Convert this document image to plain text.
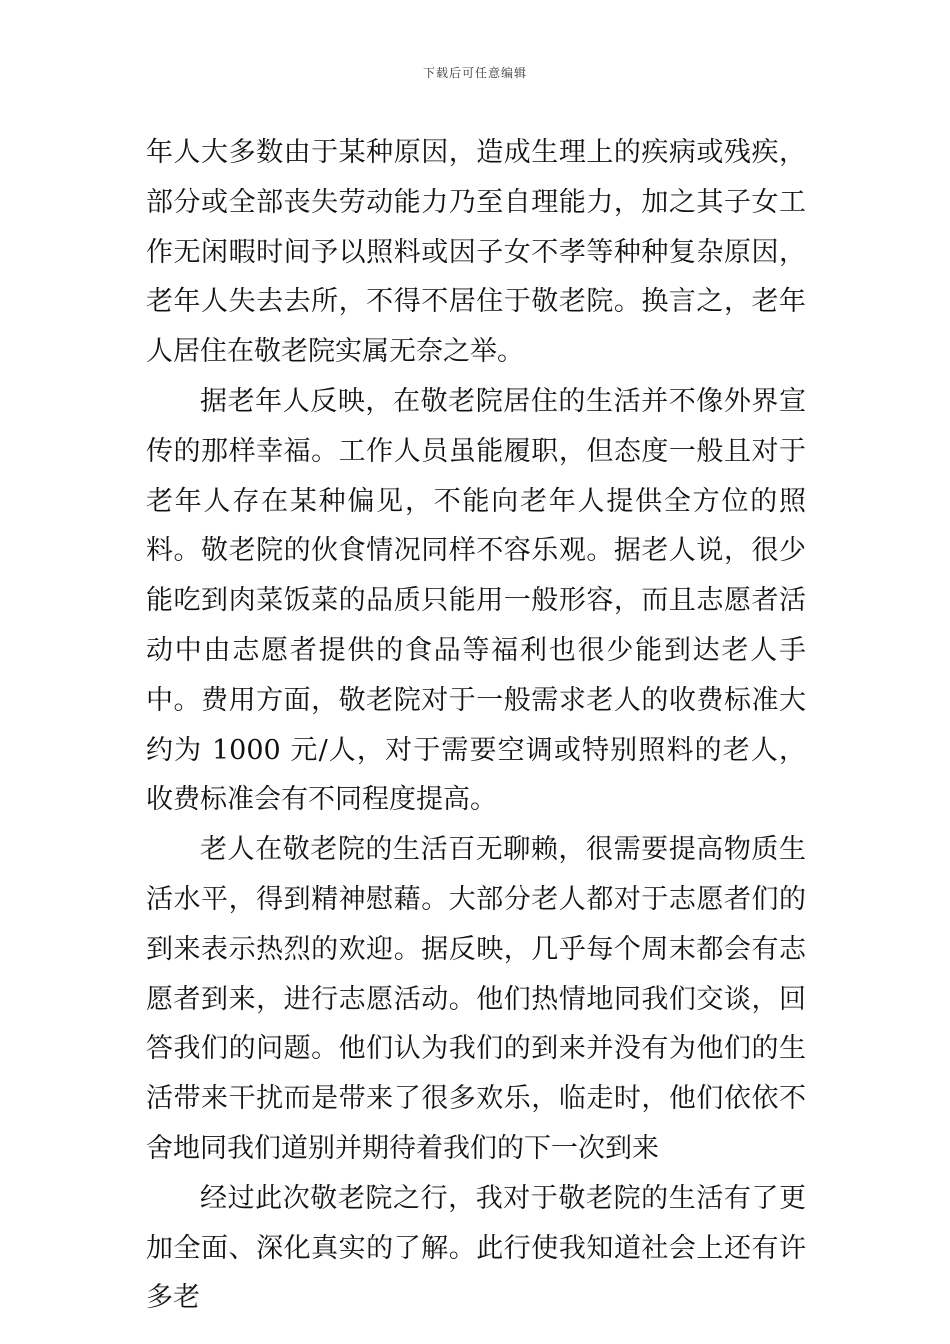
下载后可任意编辑

年人大多数由于某种原因，造成生理上的疾病或残疾，部分或全部丧失劳动能力乃至自理能力，加之其子女工作无闲暇时间予以照料或因子女不孝等种种复杂原因，老年人失去去所，不得不居住于敬老院。换言之，老年人居住在敬老院实属无奈之举。

据老年人反映，在敬老院居住的生活并不像外界宣传的那样幸福。工作人员虽能履职，但态度一般且对于老年人存在某种偏见，不能向老年人提供全方位的照料。敬老院的伙食情况同样不容乐观。据老人说，很少能吃到肉菜饭菜的品质只能用一般形容，而且志愿者活动中由志愿者提供的食品等福利也很少能到达老人手中。费用方面，敬老院对于一般需求老人的收费标准大约为 1000 元/人，对于需要空调或特别照料的老人，收费标准会有不同程度提高。

老人在敬老院的生活百无聊赖，很需要提高物质生活水平，得到精神慰藉。大部分老人都对于志愿者们的到来表示热烈的欢迎。据反映，几乎每个周末都会有志愿者到来，进行志愿活动。他们热情地同我们交谈，回答我们的问题。他们认为我们的到来并没有为他们的生活带来干扰而是带来了很多欢乐，临走时，他们依依不舍地同我们道别并期待着我们的下一次到来

经过此次敬老院之行，我对于敬老院的生活有了更加全面、深化真实的了解。此行使我知道社会上还有许多老
